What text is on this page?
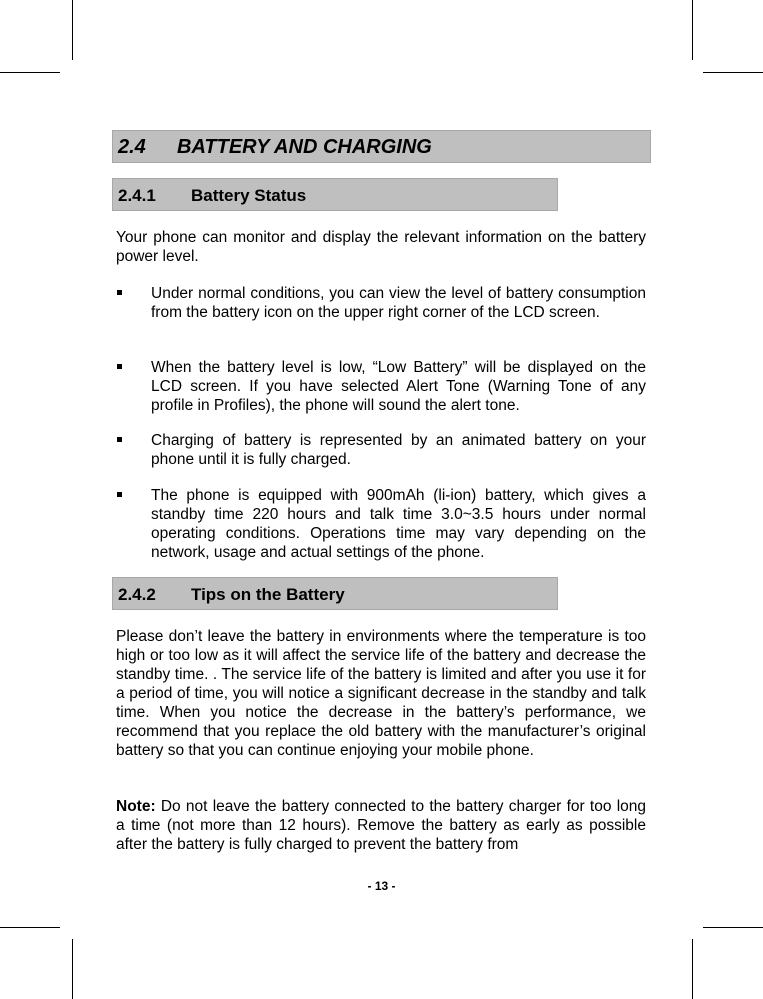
2.4 BATTERY AND CHARGING
2.4.1 Battery Status
Your phone can monitor and display the relevant information on the battery power level.
Under normal conditions, you can view the level of battery consumption from the battery icon on the upper right corner of the LCD screen.
When the battery level is low, “Low Battery” will be displayed on the LCD screen. If you have selected Alert Tone (Warning Tone of any profile in Profiles), the phone will sound the alert tone.
Charging of battery is represented by an animated battery on your phone until it is fully charged.
The phone is equipped with 900mAh (li-ion) battery, which gives a standby time 220 hours and talk time 3.0~3.5 hours under normal operating conditions. Operations time may vary depending on the network, usage and actual settings of the phone.
2.4.2 Tips on the Battery
Please don’t leave the battery in environments where the temperature is too high or too low as it will affect the service life of the battery and decrease the standby time. . The service life of the battery is limited and after you use it for a period of time, you will notice a significant decrease in the standby and talk time. When you notice the decrease in the battery’s performance, we recommend that you replace the old battery with the manufacturer’s original battery so that you can continue enjoying your mobile phone.
Note: Do not leave the battery connected to the battery charger for too long a time (not more than 12 hours). Remove the battery as early as possible after the battery is fully charged to prevent the battery from
- 13 -
